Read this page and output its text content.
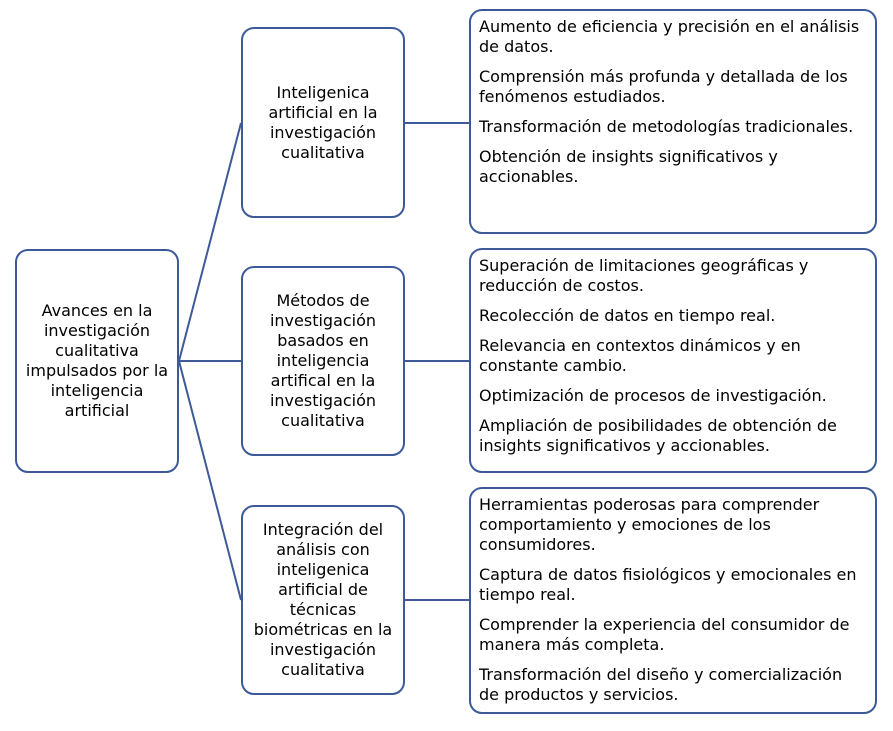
Avances en la investigación cualitativa impulsados por la inteligencia artificial
Inteligenica artificial en la investigación cualitativa
Métodos de investigación basados en inteligencia artifical en la investigación cualitativa
Integración del análisis con inteligenica artificial de técnicas biométricas en la investigación cualitativa
Aumento de eficiencia y precisión en el análisis de datos.
Comprensión más profunda y detallada de los fenómenos estudiados.
Transformación de metodologías tradicionales.
Obtención de insights significativos y accionables.
Superación de limitaciones geográficas y reducción de costos.
Recolección de datos en tiempo real.
Relevancia en contextos dinámicos y en constante cambio.
Optimización de procesos de investigación.
Ampliación de posibilidades de obtención de insights significativos y accionables.
Herramientas poderosas para comprender comportamiento y emociones de los consumidores.
Captura de datos fisiológicos y emocionales en tiempo real.
Comprender la experiencia del consumidor de manera más completa.
Transformación del diseño y comercialización de productos y servicios.
